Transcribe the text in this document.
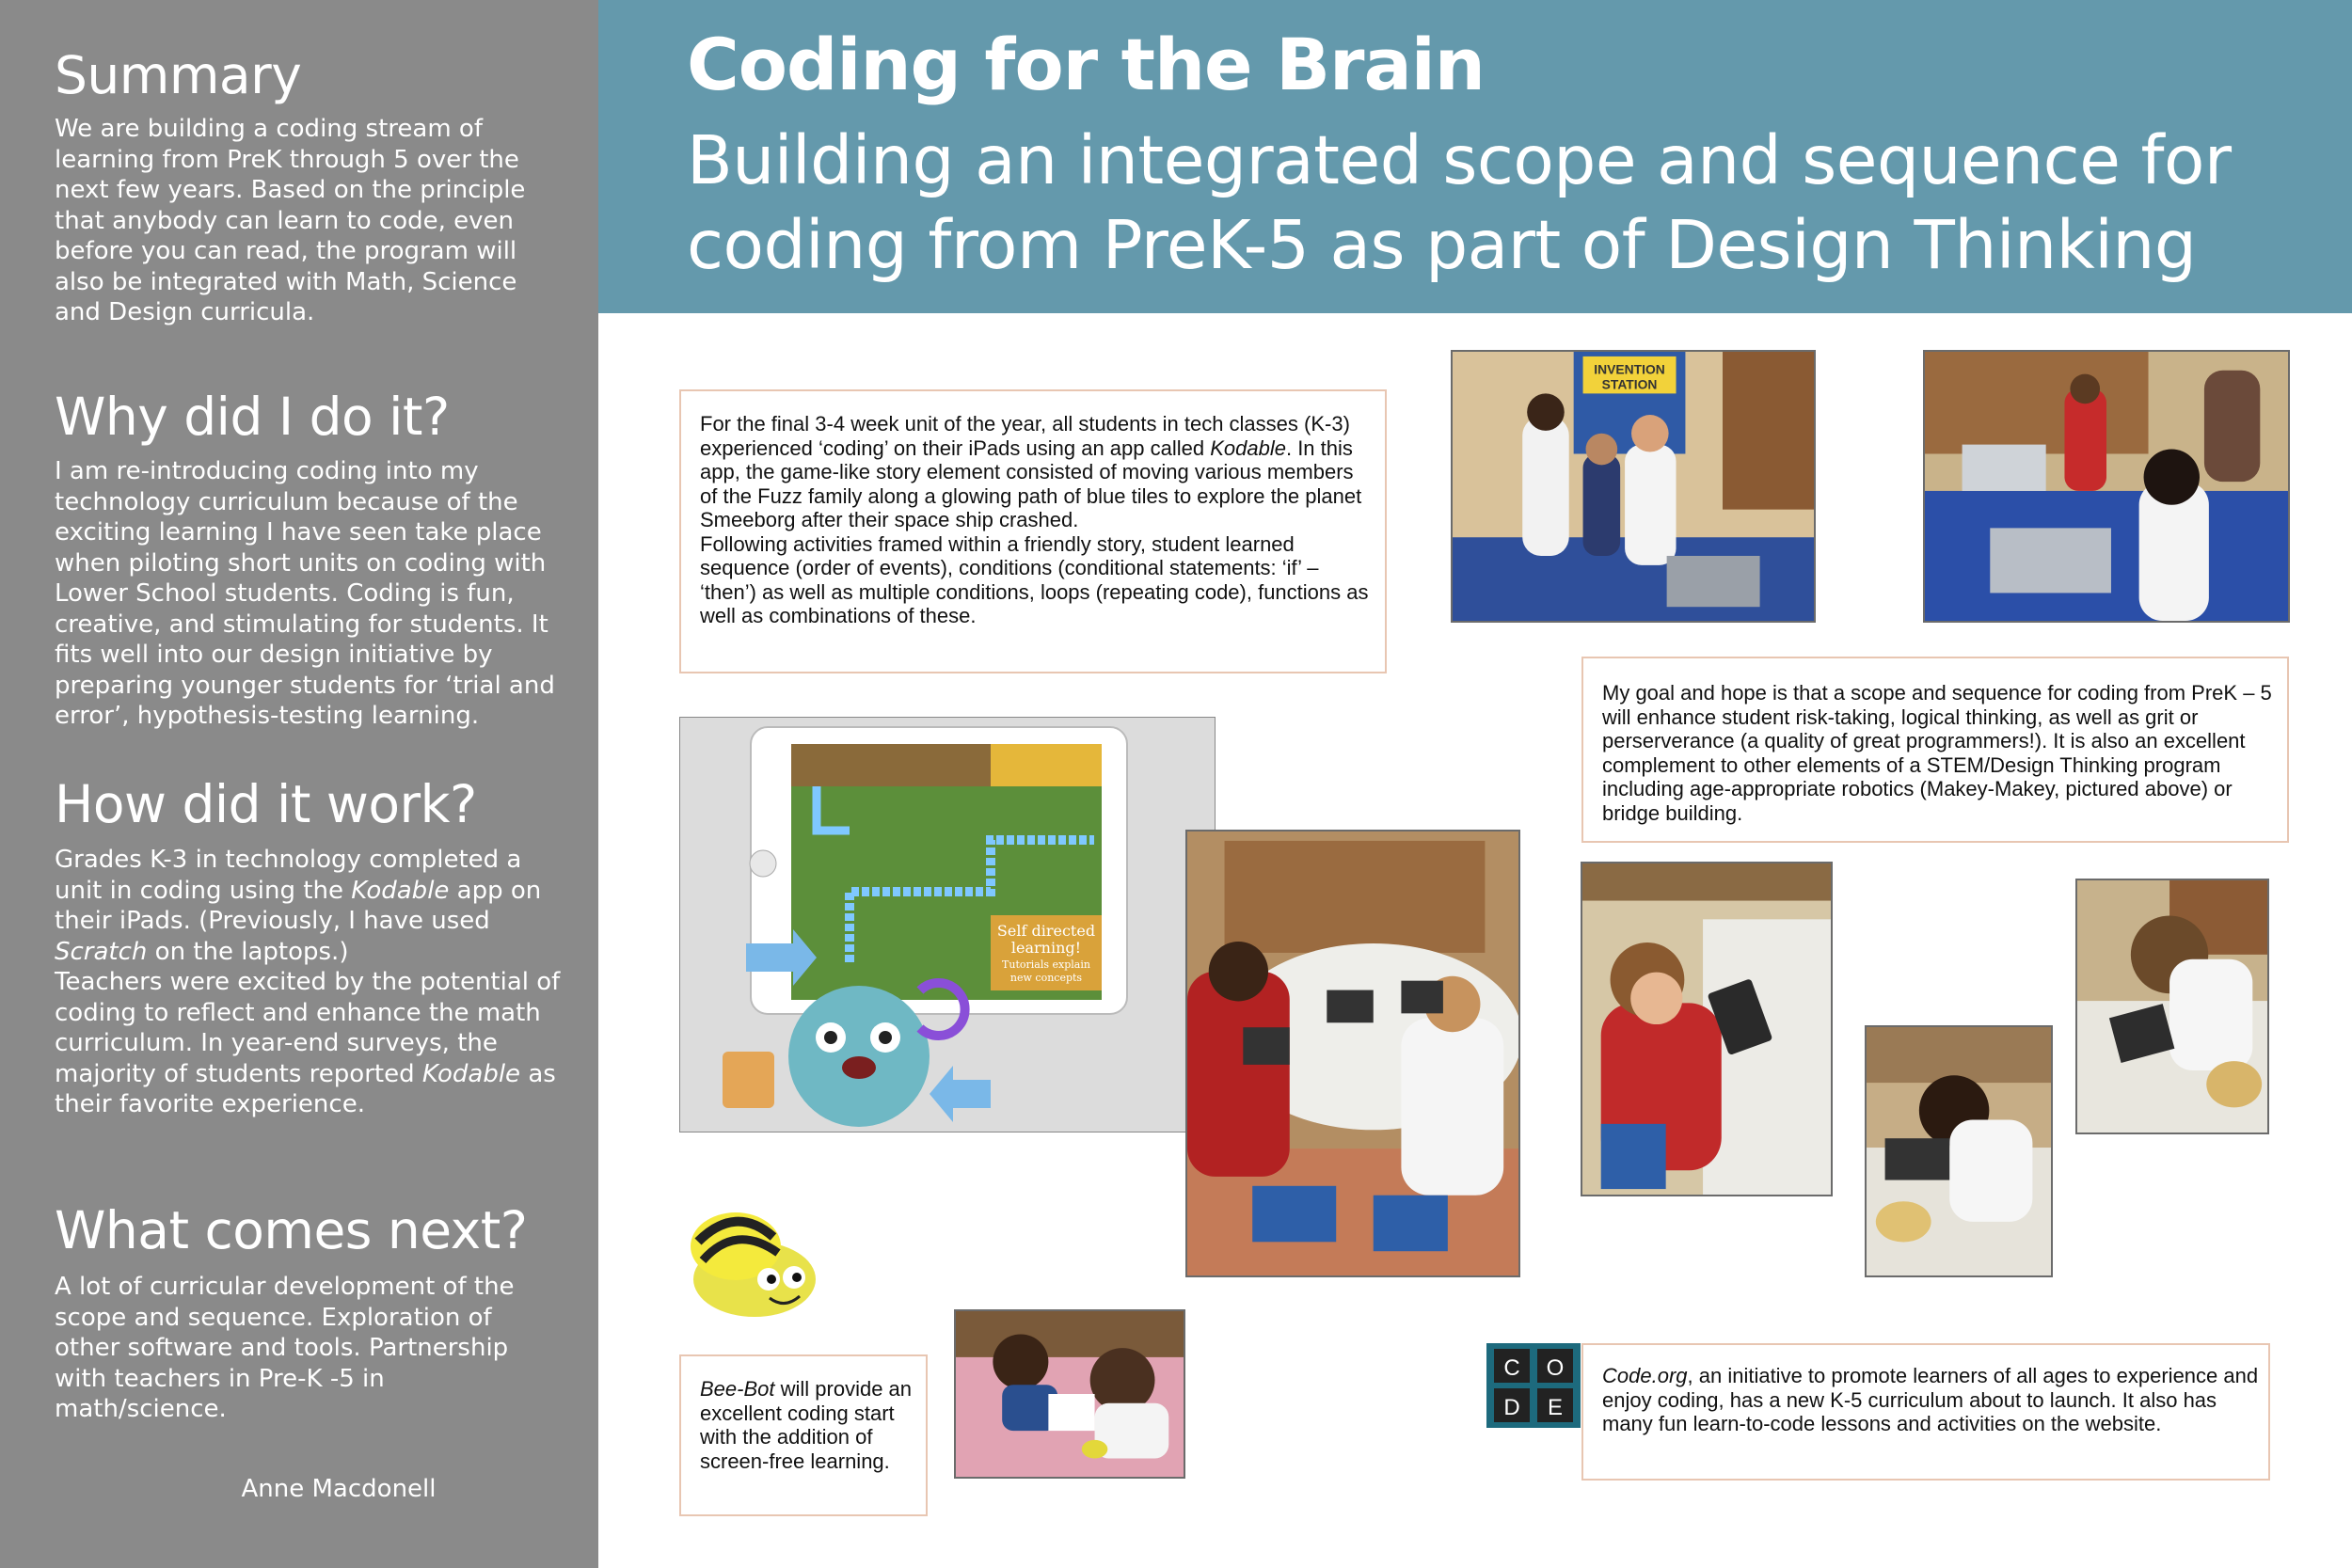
Summary

We are building a coding stream of learning from PreK through 5 over the next few years. Based on the principle that anybody can learn to code, even before you can read, the program will also be integrated with Math, Science and Design curricula.

Why did I do it?

I am re-introducing coding into my technology curriculum because of the exciting learning I have seen take place when piloting short units on coding with Lower School students. Coding is fun, creative, and stimulating for students. It fits well into our design initiative by preparing younger students for ‘trial and error’, hypothesis-testing learning.

How did it work?

Grades K-3 in technology completed a unit in coding using the Kodable app on their iPads. (Previously, I have used Scratch on the laptops.)
Teachers were excited by the potential of coding to reflect and enhance the math curriculum. In year-end surveys, the majority of students reported Kodable as their favorite experience.

What comes next?

A lot of curricular development of the scope and sequence. Exploration of other software and tools. Partnership with teachers in Pre-K -5 in math/science.

Anne Macdonell
Coding for the Brain
Building an integrated scope and sequence for
coding from PreK-5 as part of Design Thinking
For the final 3-4 week unit of the year, all students in tech classes (K-3) experienced ‘coding’ on their iPads using an app called Kodable. In this app, the game-like story element consisted of moving various members of the Fuzz family along a glowing path of blue tiles to explore the planet Smeeborg after their space ship crashed.
Following activities framed within a friendly story, student learned sequence (order of events), conditions (conditional statements: ‘if’ – ‘then’) as well as multiple conditions, loops (repeating code), functions as well as combinations of these.
My goal and hope is that a scope and sequence for coding from PreK – 5 will enhance student risk-taking, logical thinking, as well as grit or perserverance (a quality of great programmers!). It is also an excellent complement to other elements of a STEM/Design Thinking program including age-appropriate robotics (Makey-Makey, pictured above) or bridge building.
Bee-Bot will provide an excellent coding start with the addition of screen-free learning.
Code.org, an initiative to promote learners of all ages to experience and enjoy coding, has a new K-5 curriculum about to launch. It also has many fun learn-to-code lessons and activities on the website.
C O
D E
Self directed
learning!
Tutorials explain
new concepts
INVENTION
STATION
